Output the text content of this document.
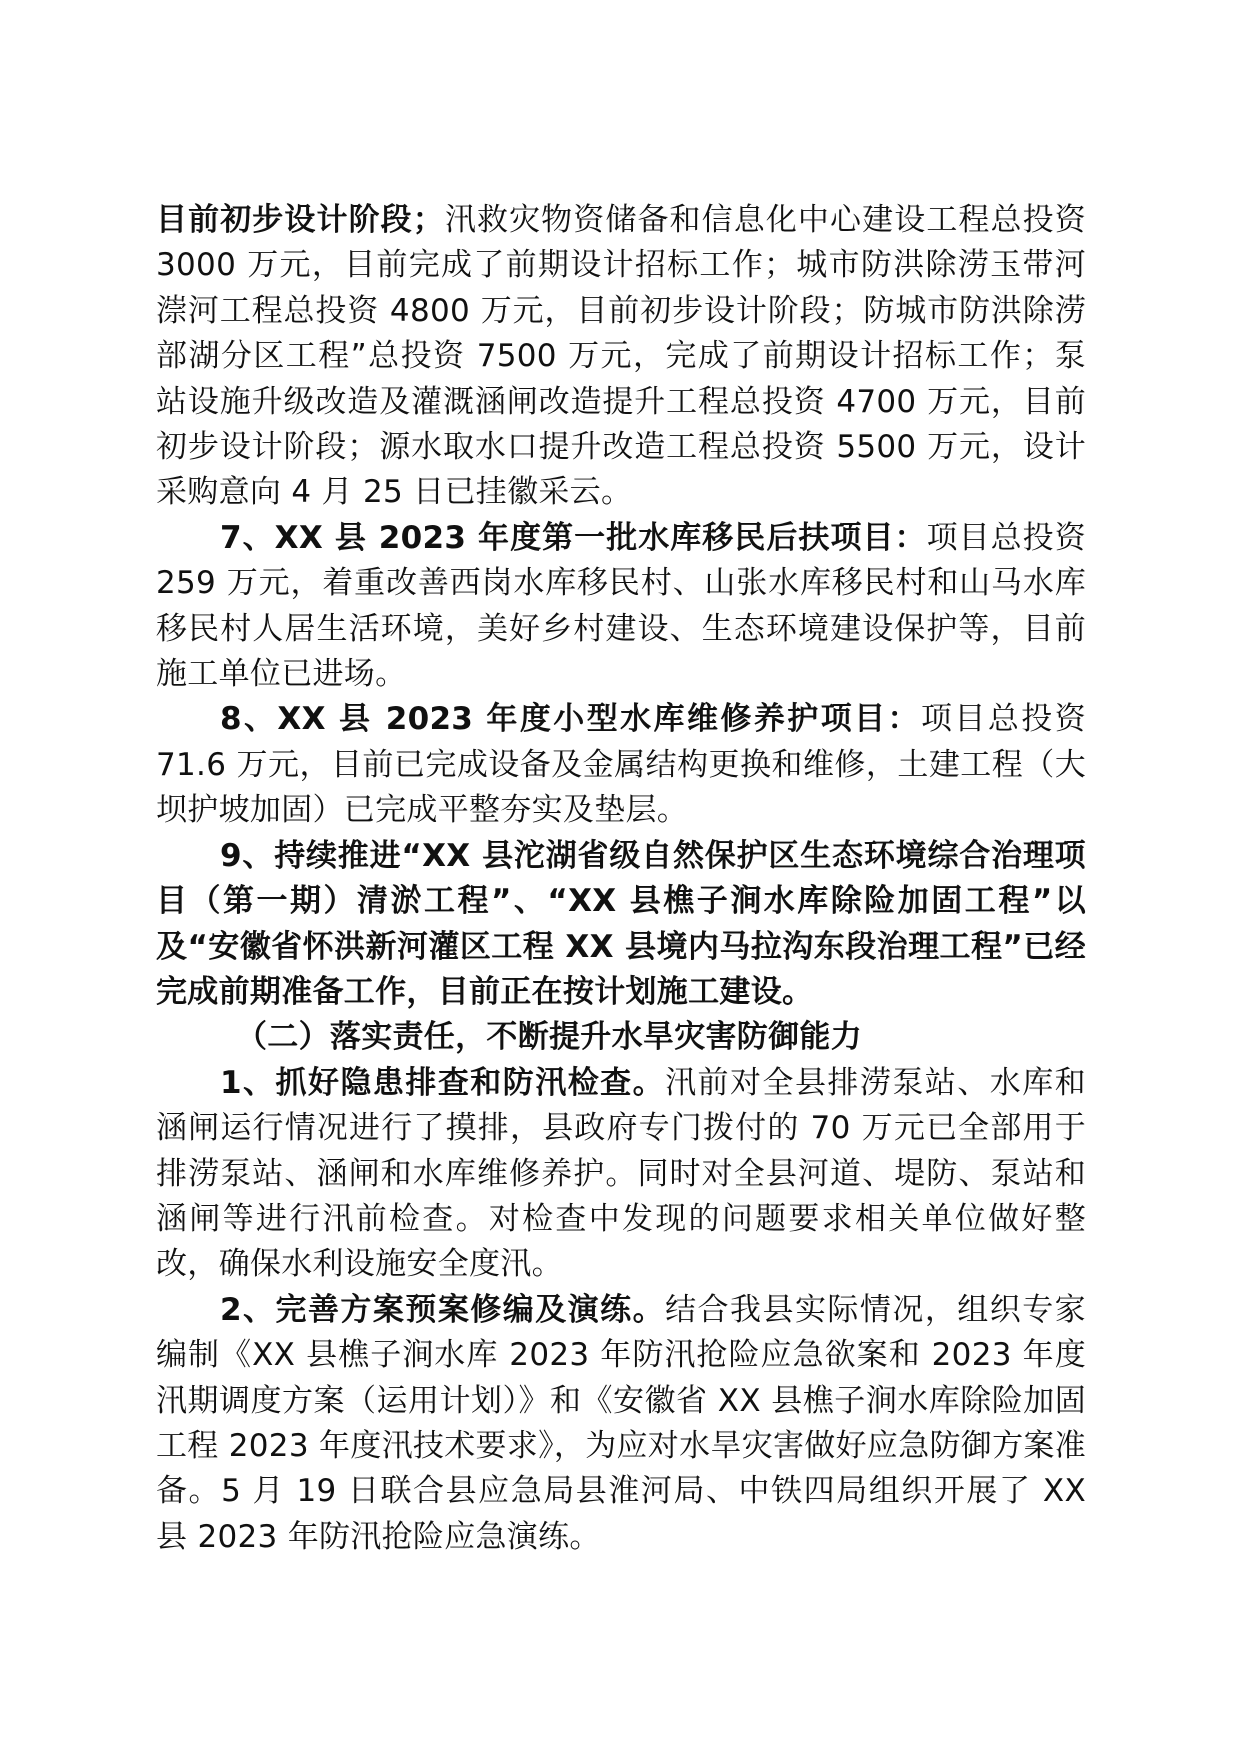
目前初步设计阶段；汛救灾物资储备和信息化中心建设工程总投资 3000 万元，目前完成了前期设计招标工作；城市防洪除涝玉带河漴河工程总投资 4800 万元，目前初步设计阶段；防城市防洪除涝部湖分区工程”总投资 7500 万元，完成了前期设计招标工作；泵站设施升级改造及灌溉涵闸改造提升工程总投资 4700 万元，目前初步设计阶段；源水取水口提升改造工程总投资 5500 万元，设计采购意向 4 月 25 日已挂徽采云。

7、XX 县 2023 年度第一批水库移民后扶项目：项目总投资 259 万元，着重改善西岗水库移民村、山张水库移民村和山马水库移民村人居生活环境，美好乡村建设、生态环境建设保护等，目前施工单位已进场。

8、XX 县 2023 年度小型水库维修养护项目：项目总投资 71.6 万元，目前已完成设备及金属结构更换和维修，土建工程（大坝护坡加固）已完成平整夯实及垫层。

9、持续推进“XX 县沱湖省级自然保护区生态环境综合治理项目（第一期）清淤工程”、“XX 县樵子涧水库除险加固工程”以及“安徽省怀洪新河灌区工程 XX 县境内马拉沟东段治理工程”已经完成前期准备工作，目前正在按计划施工建设。

（二）落实责任，不断提升水旱灾害防御能力

1、抓好隐患排查和防汛检查。汛前对全县排涝泵站、水库和涵闸运行情况进行了摸排，县政府专门拨付的 70 万元已全部用于排涝泵站、涵闸和水库维修养护。同时对全县河道、堤防、泵站和涵闸等进行汛前检查。对检查中发现的问题要求相关单位做好整改，确保水利设施安全度汛。

2、完善方案预案修编及演练。结合我县实际情况，组织专家编制《XX 县樵子涧水库 2023 年防汛抢险应急欲案和 2023 年度汛期调度方案（运用计划）》和《安徽省 XX 县樵子涧水库除险加固工程 2023 年度汛技术要求》，为应对水旱灾害做好应急防御方案准备。5 月 19 日联合县应急局县淮河局、中铁四局组织开展了 XX 县 2023 年防汛抢险应急演练。
